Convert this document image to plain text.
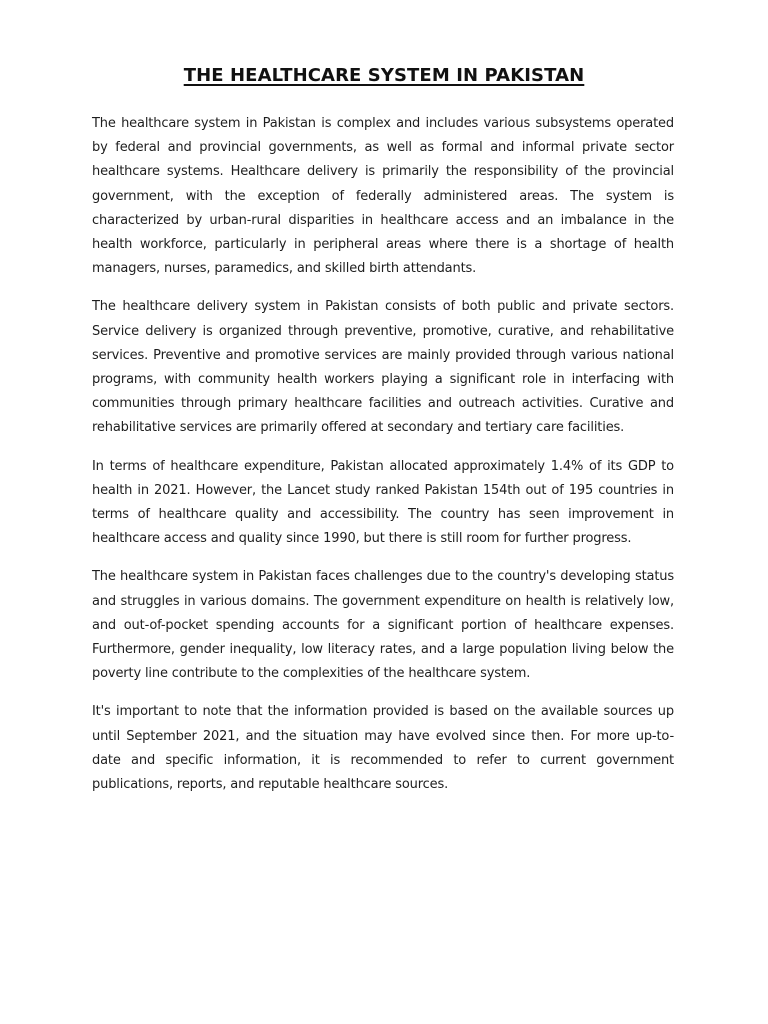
THE HEALTHCARE SYSTEM IN PAKISTAN

The healthcare system in Pakistan is complex and includes various subsystems operated by federal and provincial governments, as well as formal and informal private sector healthcare systems. Healthcare delivery is primarily the responsibility of the provincial government, with the exception of federally administered areas. The system is characterized by urban-rural disparities in healthcare access and an imbalance in the health workforce, particularly in peripheral areas where there is a shortage of health managers, nurses, paramedics, and skilled birth attendants.

The healthcare delivery system in Pakistan consists of both public and private sectors. Service delivery is organized through preventive, promotive, curative, and rehabilitative services. Preventive and promotive services are mainly provided through various national programs, with community health workers playing a significant role in interfacing with communities through primary healthcare facilities and outreach activities. Curative and rehabilitative services are primarily offered at secondary and tertiary care facilities.

In terms of healthcare expenditure, Pakistan allocated approximately 1.4% of its GDP to health in 2021. However, the Lancet study ranked Pakistan 154th out of 195 countries in terms of healthcare quality and accessibility. The country has seen improvement in healthcare access and quality since 1990, but there is still room for further progress.

The healthcare system in Pakistan faces challenges due to the country's developing status and struggles in various domains. The government expenditure on health is relatively low, and out-of-pocket spending accounts for a significant portion of healthcare expenses. Furthermore, gender inequality, low literacy rates, and a large population living below the poverty line contribute to the complexities of the healthcare system.

It's important to note that the information provided is based on the available sources up until September 2021, and the situation may have evolved since then. For more up-to-date and specific information, it is recommended to refer to current government publications, reports, and reputable healthcare sources.
